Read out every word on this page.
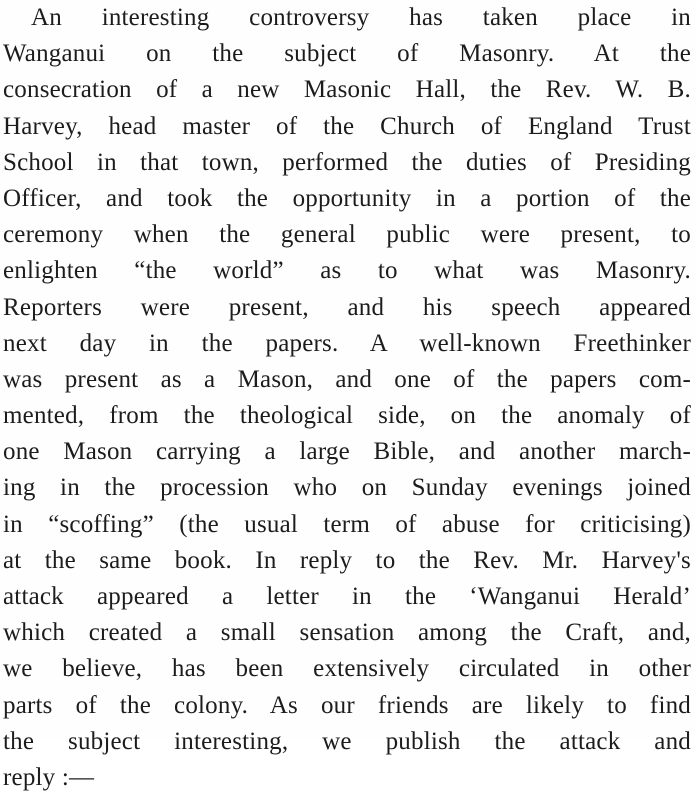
An interesting controversy has taken place in
Wanganui on the subject of Masonry. At the
consecration of a new Masonic Hall, the Rev. W. B.
Harvey, head master of the Church of England Trust
School in that town, performed the duties of Presiding
Officer, and took the opportunity in a portion of the
ceremony when the general public were present, to
enlighten “the world” as to what was Masonry.
Reporters were present, and his speech appeared
next day in the papers. A well-known Freethinker
was present as a Mason, and one of the papers com-
mented, from the theological side, on the anomaly of
one Mason carrying a large Bible, and another march-
ing in the procession who on Sunday evenings joined
in “scoffing” (the usual term of abuse for criticising)
at the same book. In reply to the Rev. Mr. Harvey's
attack appeared a letter in the ‘Wanganui Herald’
which created a small sensation among the Craft, and,
we believe, has been extensively circulated in other
parts of the colony. As our friends are likely to find
the subject interesting, we publish the attack and
reply :—
